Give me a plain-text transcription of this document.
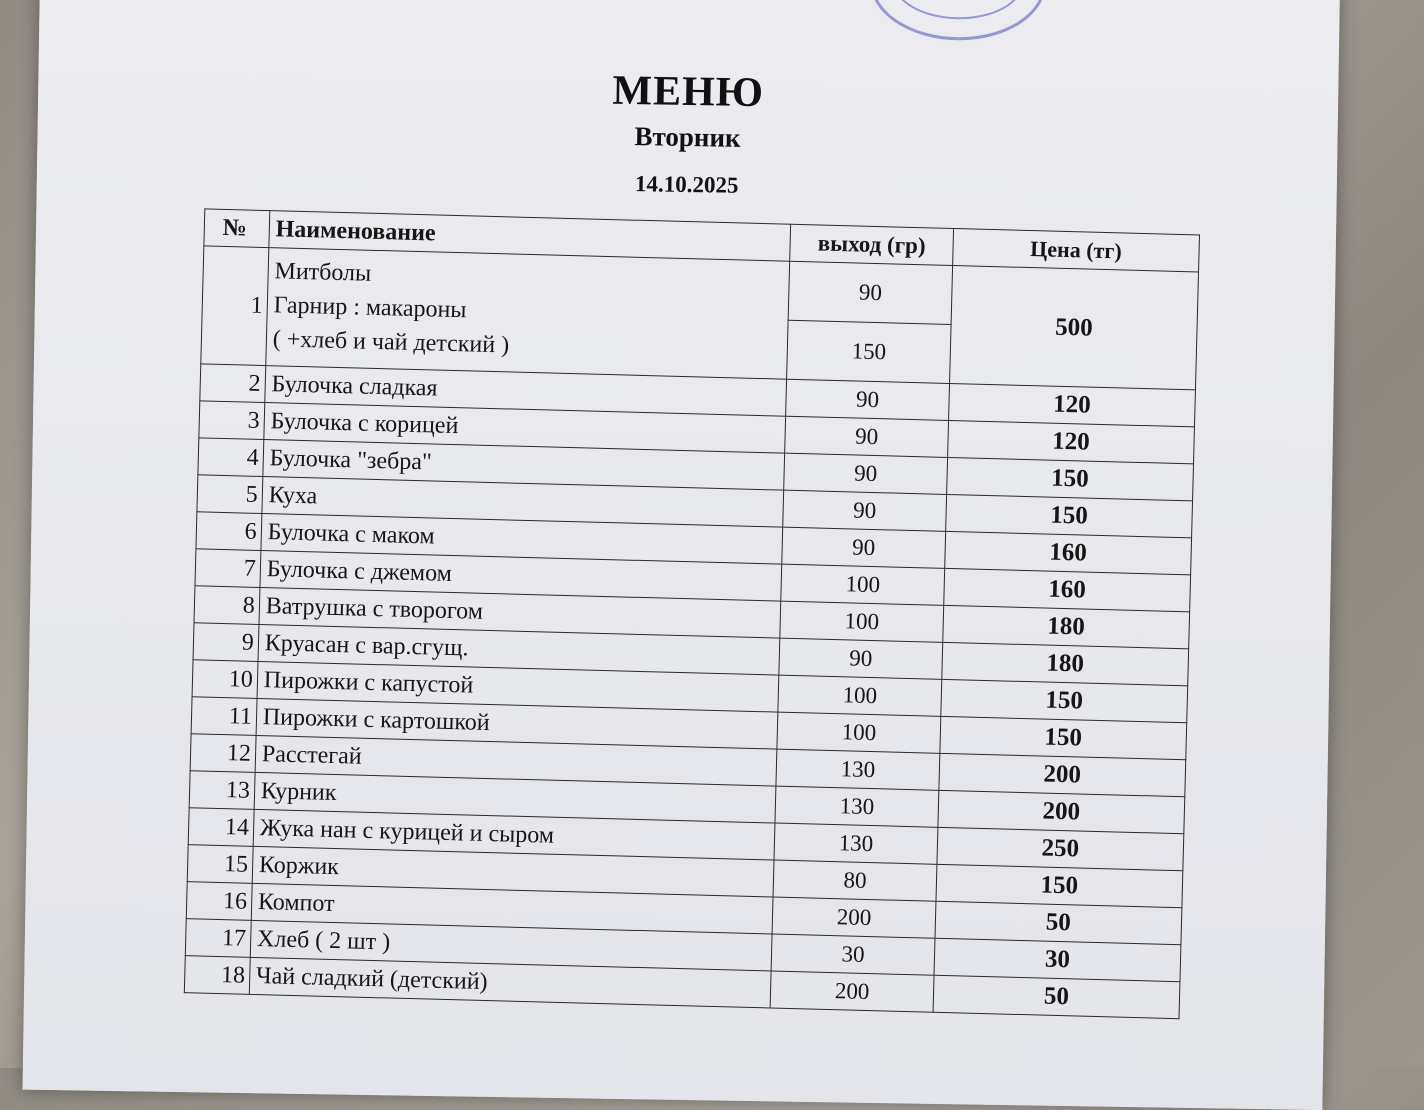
МЕНЮ
Вторник
14.10.2025
№	Наименование	выход (гр)	Цена (тг)
1	Митболы
Гарнир : макароны
( +хлеб и чай детский )	90	500
		150	
2	Булочка сладкая	90	120
3	Булочка с корицей	90	120
4	Булочка "зебра"	90	150
5	Куха	90	150
6	Булочка с маком	90	160
7	Булочка с джемом	100	160
8	Ватрушка с творогом	100	180
9	Круасан с вар.сгущ.	90	180
10	Пирожки с капустой	100	150
11	Пирожки с картошкой	100	150
12	Расстегай	130	200
13	Курник	130	200
14	Жука нан с курицей и сыром	130	250
15	Коржик	80	150
16	Компот	200	50
17	Хлеб ( 2 шт )	30	30
18	Чай сладкий (детский)	200	50
